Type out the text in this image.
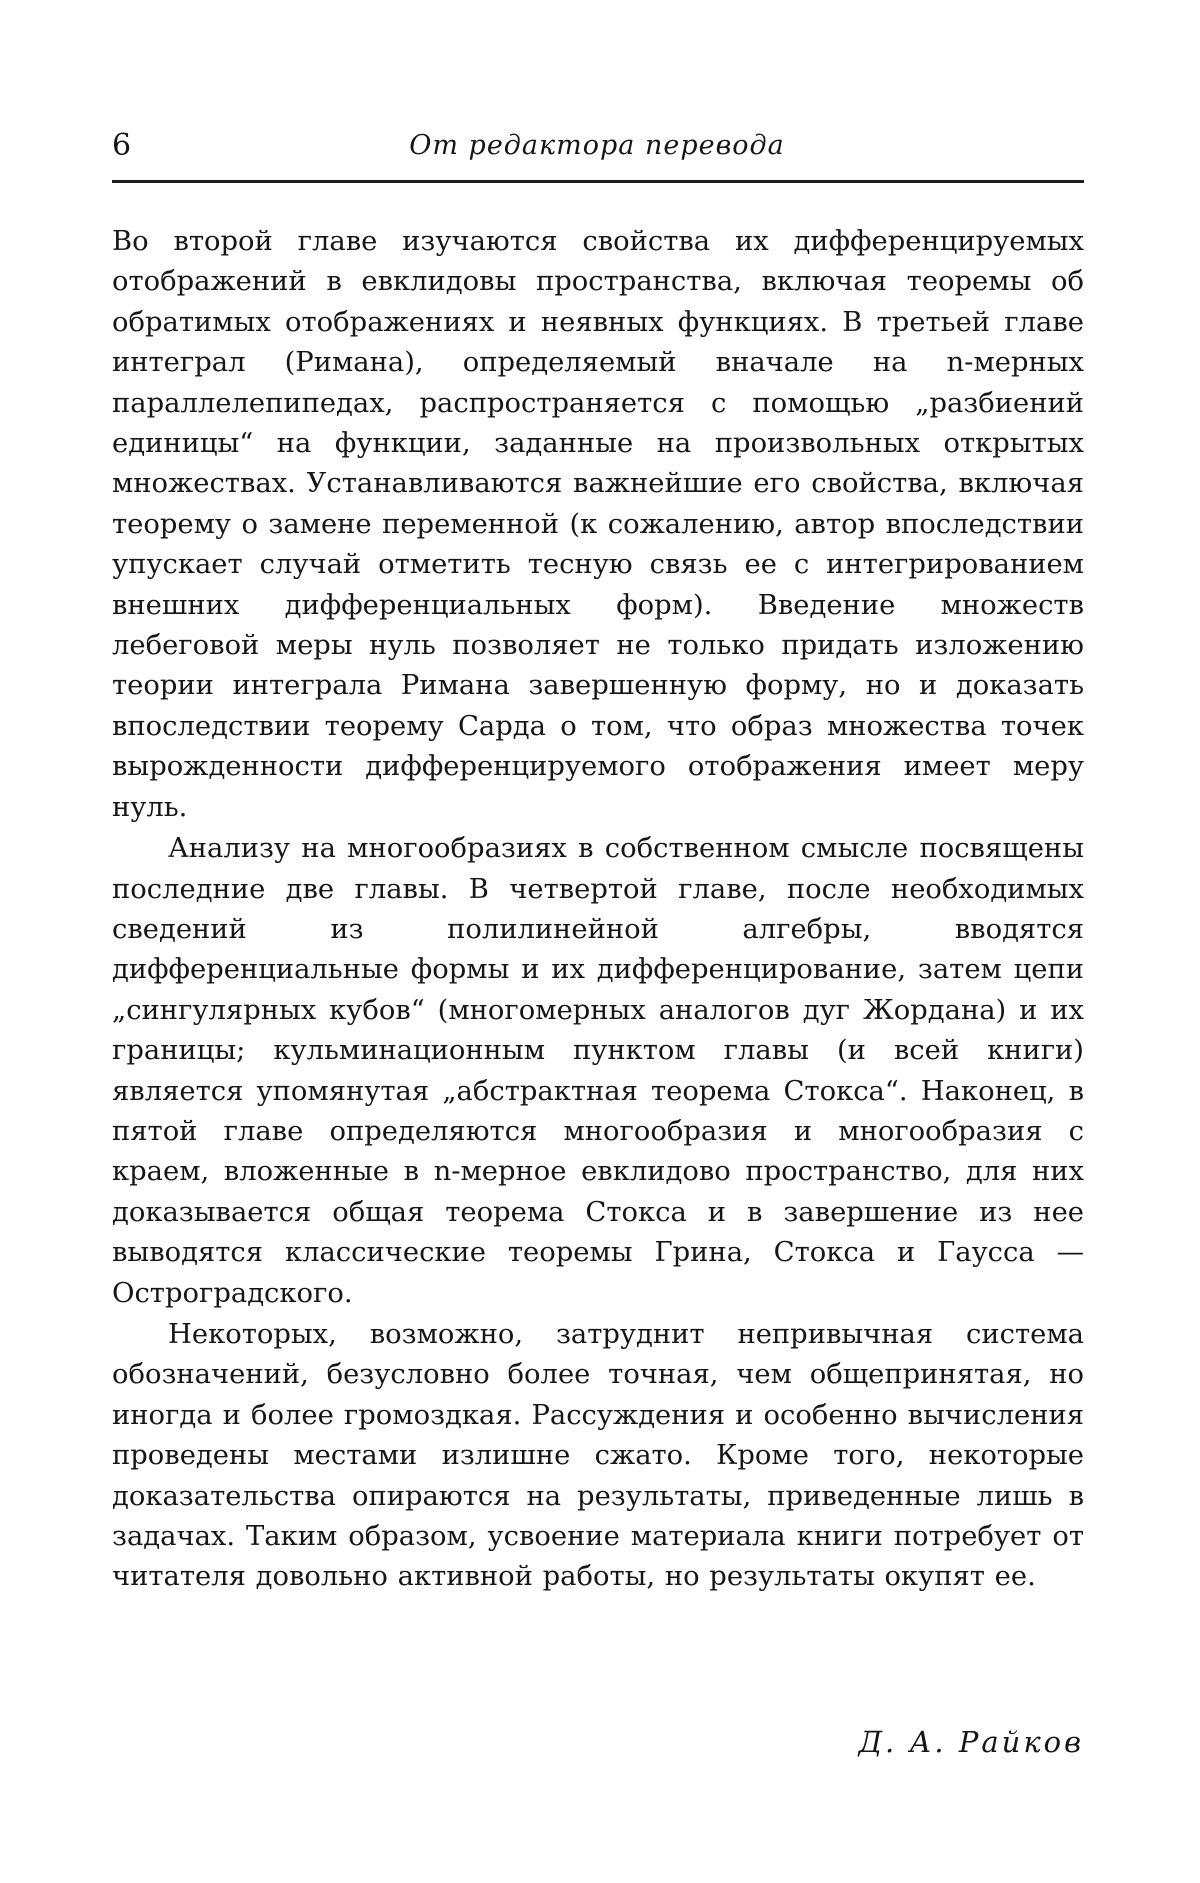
6	От редактора перевода

Во второй главе изучаются свойства их дифференцируемых отображений в евклидовы пространства, включая теоремы об обратимых отображениях и неявных функциях. В третьей главе интеграл (Римана), определяемый вначале на n-мерных параллелепипедах, распространяется с помощью „разбиений единицы“ на функции, заданные на произвольных открытых множествах. Устанавливаются важнейшие его свойства, включая теорему о замене переменной (к сожалению, автор впоследствии упускает случай отметить тесную связь ее с интегрированием внешних дифференциальных форм). Введение множеств лебеговой меры нуль позволяет не только придать изложению теории интеграла Римана завершенную форму, но и доказать впоследствии теорему Сарда о том, что образ множества точек вырожденности дифференцируемого отображения имеет меру нуль.

Анализу на многообразиях в собственном смысле посвящены последние две главы. В четвертой главе, после необходимых сведений из полилинейной алгебры, вводятся дифференциальные формы и их дифференцирование, затем цепи „сингулярных кубов“ (многомерных аналогов дуг Жордана) и их границы; кульминационным пунктом главы (и всей книги) является упомянутая „абстрактная теорема Стокса“. Наконец, в пятой главе определяются многообразия и многообразия с краем, вложенные в n-мерное евклидово пространство, для них доказывается общая теорема Стокса и в завершение из нее выводятся классические теоремы Грина, Стокса и Гаусса — Остроградского.

Некоторых, возможно, затруднит непривычная система обозначений, безусловно более точная, чем общепринятая, но иногда и более громоздкая. Рассуждения и особенно вычисления проведены местами излишне сжато. Кроме того, некоторые доказательства опираются на результаты, приведенные лишь в задачах. Таким образом, усвоение материала книги потребует от читателя довольно активной работы, но результаты окупят ее.

Д. А. Райков
